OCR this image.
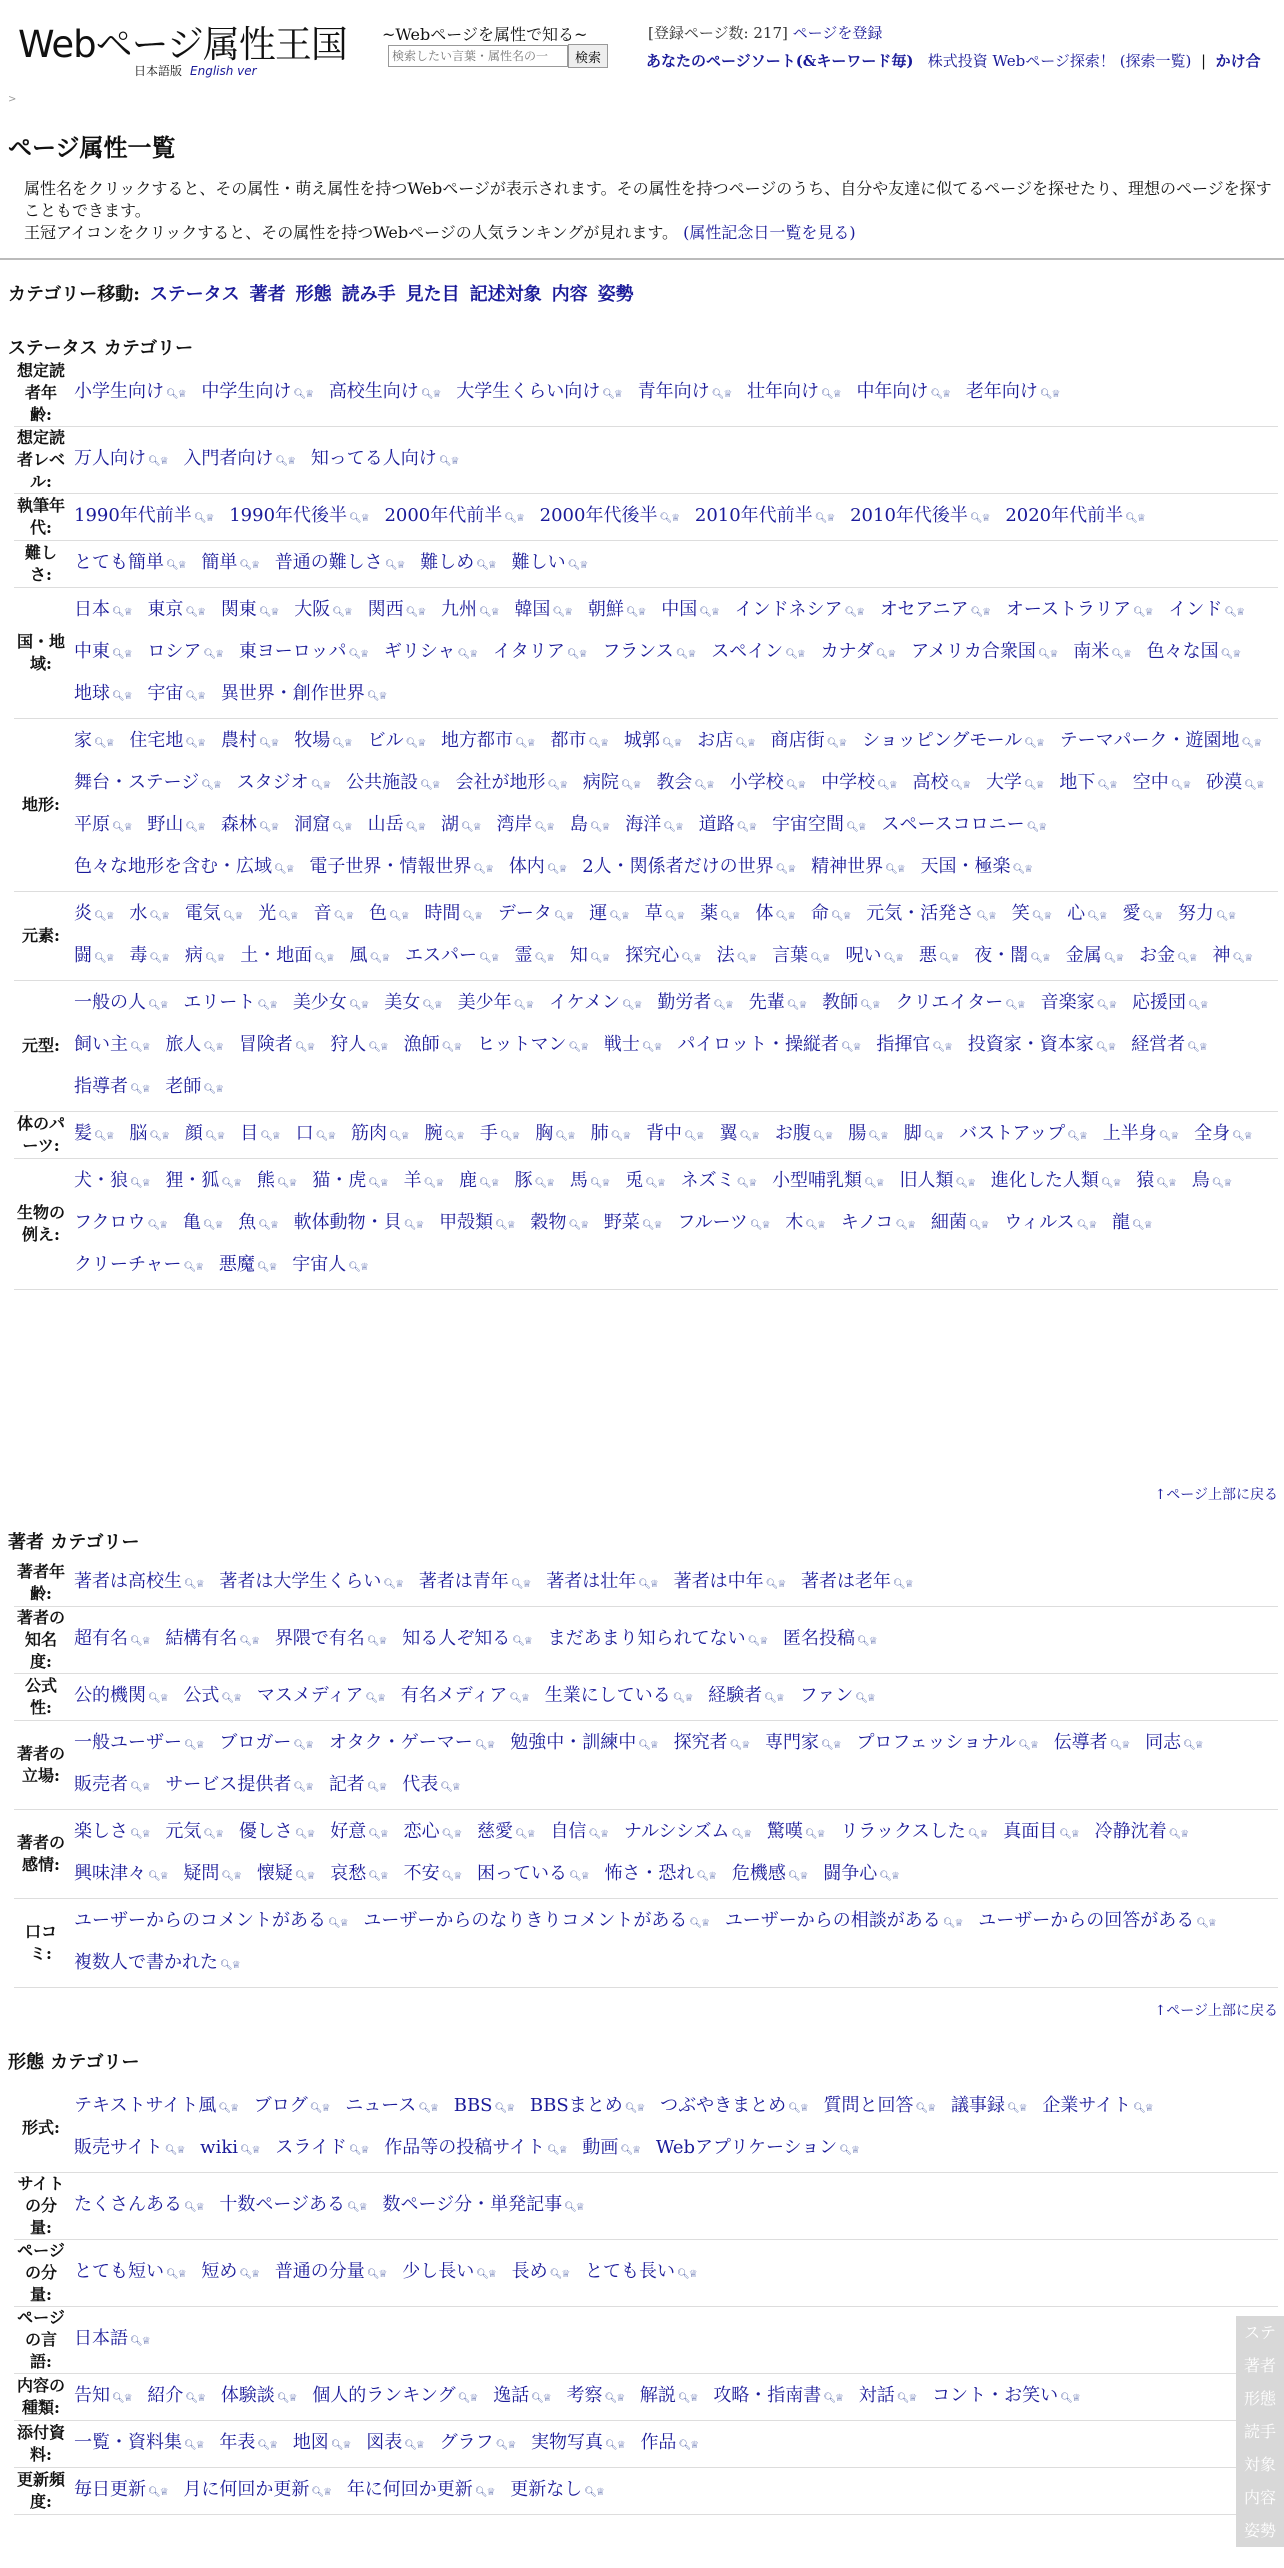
Webページ属性王国
日本語版 English ver
~Webページを属性で知る~
検索したい言葉・属性名の一検索
[登録ページ数: 217] ページを登録
あなたのページソート(&キーワード毎) 株式投資 Webページ探索！ (探索一覧) | かけ合
>
ページ属性一覧
属性名をクリックすると、その属性・萌え属性を持つWebページが表示されます。その属性を持つページのうち、自分や友達に似てるページを探せたり、理想のページを探すこともできます。
王冠アイコンをクリックすると、その属性を持つWebページの人気ランキングが見れます。 (属性記念日一覧を見る)
カテゴリー移動: ステータス 著者 形態 読み手 見た目 記述対象 内容 姿勢
ステータス カテゴリー
想定読者年齢:	小学生向け 🔍︎♕ 中学生向け 🔍︎♕ 高校生向け 🔍︎♕ 大学生くらい向け 🔍︎♕ 青年向け 🔍︎♕ 壮年向け 🔍︎♕ 中年向け 🔍︎♕ 老年向け 🔍︎♕
想定読者レベル:	万人向け 🔍︎♕ 入門者向け 🔍︎♕ 知ってる人向け 🔍︎♕
執筆年代:	1990年代前半 🔍︎♕ 1990年代後半 🔍︎♕ 2000年代前半 🔍︎♕ 2000年代後半 🔍︎♕ 2010年代前半 🔍︎♕ 2010年代後半 🔍︎♕ 2020年代前半 🔍︎♕
難しさ:	とても簡単 🔍︎♕ 簡単 🔍︎♕ 普通の難しさ 🔍︎♕ 難しめ 🔍︎♕ 難しい 🔍︎♕
国・地域:	日本 🔍︎♕ 東京 🔍︎♕ 関東 🔍︎♕ 大阪 🔍︎♕ 関西 🔍︎♕ 九州 🔍︎♕ 韓国 🔍︎♕ 朝鮮 🔍︎♕ 中国 🔍︎♕ インドネシア 🔍︎♕ オセアニア 🔍︎♕ オーストラリア 🔍︎♕ インド 🔍︎♕ 中東 🔍︎♕ ロシア 🔍︎♕ 東ヨーロッパ 🔍︎♕ ギリシャ 🔍︎♕ イタリア 🔍︎♕ フランス 🔍︎♕ スペイン 🔍︎♕ カナダ 🔍︎♕ アメリカ合衆国 🔍︎♕ 南米 🔍︎♕ 色々な国 🔍︎♕ 地球 🔍︎♕ 宇宙 🔍︎♕ 異世界・創作世界 🔍︎♕
地形:	家 🔍︎♕ 住宅地 🔍︎♕ 農村 🔍︎♕ 牧場 🔍︎♕ ビル 🔍︎♕ 地方都市 🔍︎♕ 都市 🔍︎♕ 城郭 🔍︎♕ お店 🔍︎♕ 商店街 🔍︎♕ ショッピングモール 🔍︎♕ テーマパーク・遊園地 🔍︎♕ 舞台・ステージ 🔍︎♕ スタジオ 🔍︎♕ 公共施設 🔍︎♕ 会社が地形 🔍︎♕ 病院 🔍︎♕ 教会 🔍︎♕ 小学校 🔍︎♕ 中学校 🔍︎♕ 高校 🔍︎♕ 大学 🔍︎♕ 地下 🔍︎♕ 空中 🔍︎♕ 砂漠 🔍︎♕ 平原 🔍︎♕ 野山 🔍︎♕ 森林 🔍︎♕ 洞窟 🔍︎♕ 山岳 🔍︎♕ 湖 🔍︎♕ 湾岸 🔍︎♕ 島 🔍︎♕ 海洋 🔍︎♕ 道路 🔍︎♕ 宇宙空間 🔍︎♕ スペースコロニー 🔍︎♕ 色々な地形を含む・広域 🔍︎♕ 電子世界・情報世界 🔍︎♕ 体内 🔍︎♕ 2人・関係者だけの世界 🔍︎♕ 精神世界 🔍︎♕ 天国・極楽 🔍︎♕
元素:	炎 🔍︎♕ 水 🔍︎♕ 電気 🔍︎♕ 光 🔍︎♕ 音 🔍︎♕ 色 🔍︎♕ 時間 🔍︎♕ データ 🔍︎♕ 運 🔍︎♕ 草 🔍︎♕ 薬 🔍︎♕ 体 🔍︎♕ 命 🔍︎♕ 元気・活発さ 🔍︎♕ 笑 🔍︎♕ 心 🔍︎♕ 愛 🔍︎♕ 努力 🔍︎♕ 闘 🔍︎♕ 毒 🔍︎♕ 病 🔍︎♕ 土・地面 🔍︎♕ 風 🔍︎♕ エスパー 🔍︎♕ 霊 🔍︎♕ 知 🔍︎♕ 探究心 🔍︎♕ 法 🔍︎♕ 言葉 🔍︎♕ 呪い 🔍︎♕ 悪 🔍︎♕ 夜・闇 🔍︎♕ 金属 🔍︎♕ お金 🔍︎♕ 神 🔍︎♕
元型:	一般の人 🔍︎♕ エリート 🔍︎♕ 美少女 🔍︎♕ 美女 🔍︎♕ 美少年 🔍︎♕ イケメン 🔍︎♕ 勤労者 🔍︎♕ 先輩 🔍︎♕ 教師 🔍︎♕ クリエイター 🔍︎♕ 音楽家 🔍︎♕ 応援団 🔍︎♕ 飼い主 🔍︎♕ 旅人 🔍︎♕ 冒険者 🔍︎♕ 狩人 🔍︎♕ 漁師 🔍︎♕ ヒットマン 🔍︎♕ 戦士 🔍︎♕ パイロット・操縦者 🔍︎♕ 指揮官 🔍︎♕ 投資家・資本家 🔍︎♕ 経営者 🔍︎♕ 指導者 🔍︎♕ 老師 🔍︎♕
体のパーツ:	髪 🔍︎♕ 脳 🔍︎♕ 顔 🔍︎♕ 目 🔍︎♕ 口 🔍︎♕ 筋肉 🔍︎♕ 腕 🔍︎♕ 手 🔍︎♕ 胸 🔍︎♕ 肺 🔍︎♕ 背中 🔍︎♕ 翼 🔍︎♕ お腹 🔍︎♕ 腸 🔍︎♕ 脚 🔍︎♕ バストアップ 🔍︎♕ 上半身 🔍︎♕ 全身 🔍︎♕
生物の例え:	犬・狼 🔍︎♕ 狸・狐 🔍︎♕ 熊 🔍︎♕ 猫・虎 🔍︎♕ 羊 🔍︎♕ 鹿 🔍︎♕ 豚 🔍︎♕ 馬 🔍︎♕ 兎 🔍︎♕ ネズミ 🔍︎♕ 小型哺乳類 🔍︎♕ 旧人類 🔍︎♕ 進化した人類 🔍︎♕ 猿 🔍︎♕ 鳥 🔍︎♕ フクロウ 🔍︎♕ 亀 🔍︎♕ 魚 🔍︎♕ 軟体動物・貝 🔍︎♕ 甲殻類 🔍︎♕ 穀物 🔍︎♕ 野菜 🔍︎♕ フルーツ 🔍︎♕ 木 🔍︎♕ キノコ 🔍︎♕ 細菌 🔍︎♕ ウィルス 🔍︎♕ 龍 🔍︎♕ クリーチャー 🔍︎♕ 悪魔 🔍︎♕ 宇宙人 🔍︎♕
↑ページ上部に戻る
著者 カテゴリー
著者年齢:	著者は高校生 🔍︎♕ 著者は大学生くらい 🔍︎♕ 著者は青年 🔍︎♕ 著者は壮年 🔍︎♕ 著者は中年 🔍︎♕ 著者は老年 🔍︎♕
著者の知名度:	超有名 🔍︎♕ 結構有名 🔍︎♕ 界隈で有名 🔍︎♕ 知る人ぞ知る 🔍︎♕ まだあまり知られてない 🔍︎♕ 匿名投稿 🔍︎♕
公式性:	公的機関 🔍︎♕ 公式 🔍︎♕ マスメディア 🔍︎♕ 有名メディア 🔍︎♕ 生業にしている 🔍︎♕ 経験者 🔍︎♕ ファン 🔍︎♕
著者の立場:	一般ユーザー 🔍︎♕ ブロガー 🔍︎♕ オタク・ゲーマー 🔍︎♕ 勉強中・訓練中 🔍︎♕ 探究者 🔍︎♕ 専門家 🔍︎♕ プロフェッショナル 🔍︎♕ 伝導者 🔍︎♕ 同志 🔍︎♕ 販売者 🔍︎♕ サービス提供者 🔍︎♕ 記者 🔍︎♕ 代表 🔍︎♕
著者の感情:	楽しさ 🔍︎♕ 元気 🔍︎♕ 優しさ 🔍︎♕ 好意 🔍︎♕ 恋心 🔍︎♕ 慈愛 🔍︎♕ 自信 🔍︎♕ ナルシシズム 🔍︎♕ 驚嘆 🔍︎♕ リラックスした 🔍︎♕ 真面目 🔍︎♕ 冷静沈着 🔍︎♕ 興味津々 🔍︎♕ 疑問 🔍︎♕ 懐疑 🔍︎♕ 哀愁 🔍︎♕ 不安 🔍︎♕ 困っている 🔍︎♕ 怖さ・恐れ 🔍︎♕ 危機感 🔍︎♕ 闘争心 🔍︎♕
口コミ:	ユーザーからのコメントがある 🔍︎♕ ユーザーからのなりきりコメントがある 🔍︎♕ ユーザーからの相談がある 🔍︎♕ ユーザーからの回答がある 🔍︎♕ 複数人で書かれた 🔍︎♕
↑ページ上部に戻る
形態 カテゴリー
形式:	テキストサイト風 🔍︎♕ ブログ 🔍︎♕ ニュース 🔍︎♕ BBS 🔍︎♕ BBSまとめ 🔍︎♕ つぶやきまとめ 🔍︎♕ 質問と回答 🔍︎♕ 議事録 🔍︎♕ 企業サイト 🔍︎♕ 販売サイト 🔍︎♕ wiki 🔍︎♕ スライド 🔍︎♕ 作品等の投稿サイト 🔍︎♕ 動画 🔍︎♕ Webアプリケーション 🔍︎♕
サイトの分量:	たくさんある 🔍︎♕ 十数ページある 🔍︎♕ 数ページ分・単発記事 🔍︎♕
ページの分量:	とても短い 🔍︎♕ 短め 🔍︎♕ 普通の分量 🔍︎♕ 少し長い 🔍︎♕ 長め 🔍︎♕ とても長い 🔍︎♕
ページの言語:	日本語 🔍︎♕
内容の種類:	告知 🔍︎♕ 紹介 🔍︎♕ 体験談 🔍︎♕ 個人的ランキング 🔍︎♕ 逸話 🔍︎♕ 考察 🔍︎♕ 解説 🔍︎♕ 攻略・指南書 🔍︎♕ 対話 🔍︎♕ コント・お笑い 🔍︎♕
添付資料:	一覧・資料集 🔍︎♕ 年表 🔍︎♕ 地図 🔍︎♕ 図表 🔍︎♕ グラフ 🔍︎♕ 実物写真 🔍︎♕ 作品 🔍︎♕
更新頻度:	毎日更新 🔍︎♕ 月に何回か更新 🔍︎♕ 年に何回か更新 🔍︎♕ 更新なし 🔍︎♕
ステ
著者
形態
読手
対象
内容
姿勢
